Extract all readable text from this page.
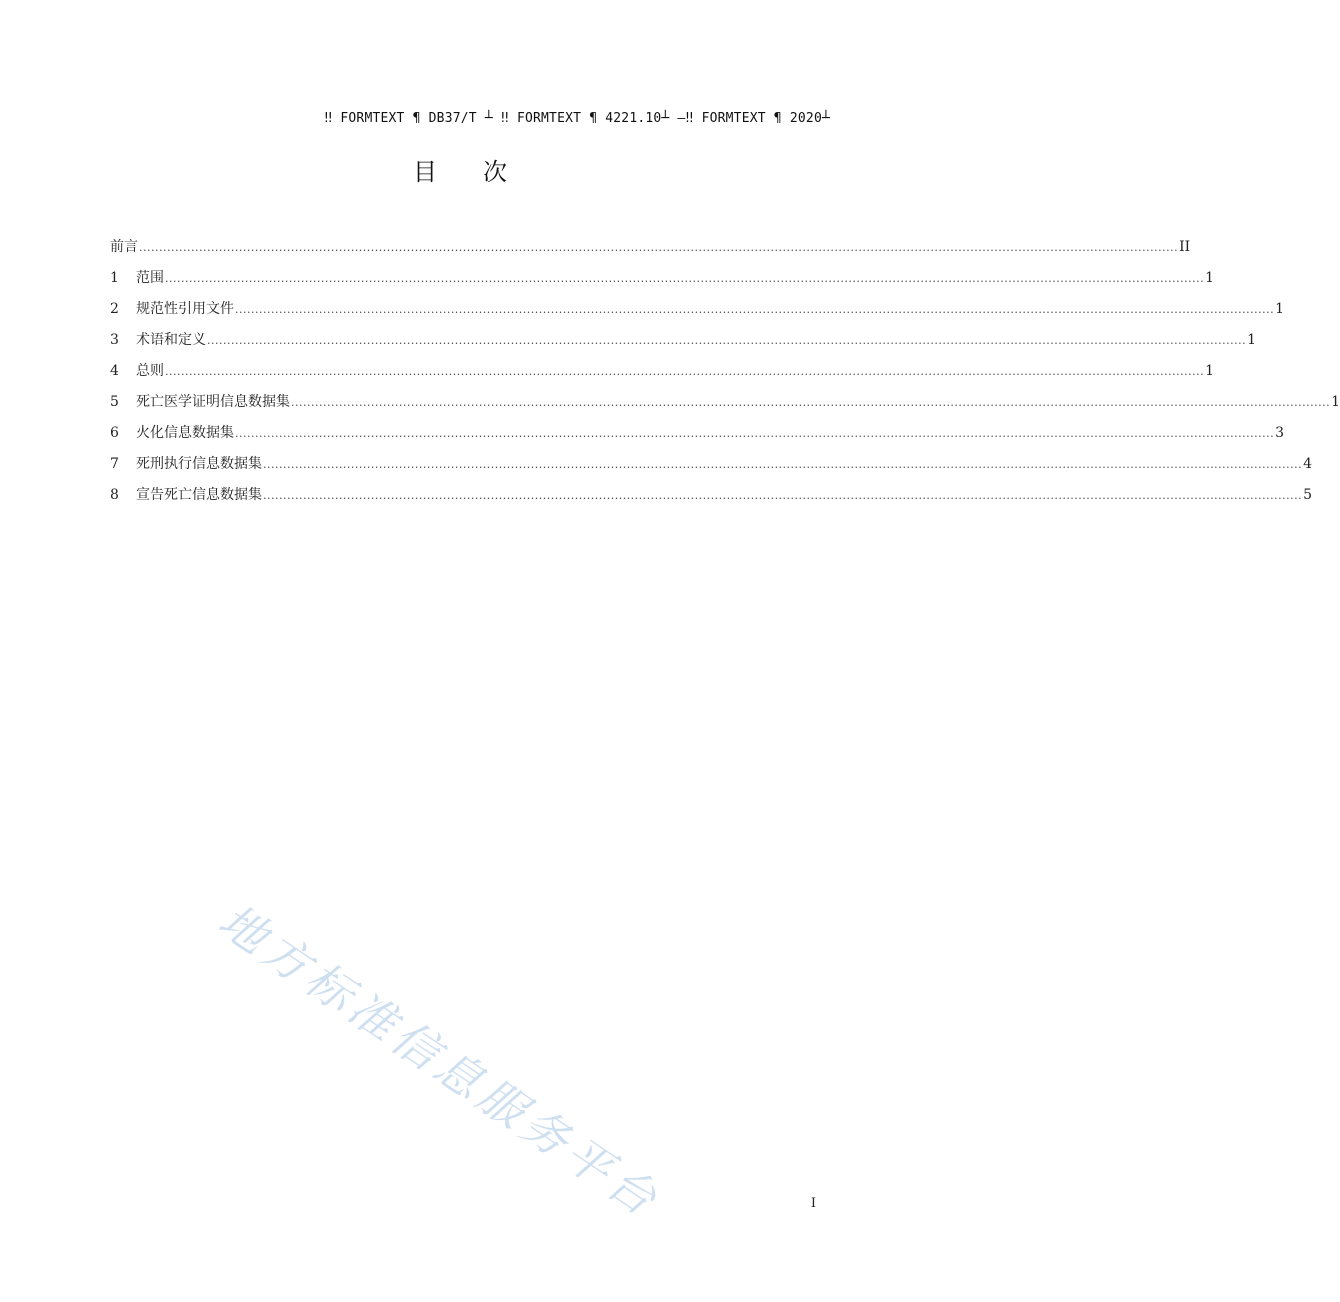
‼ FORMTEXT ¶ DB37/T ┴ ‼ FORMTEXT ¶ 4221.10┴ —‼ FORMTEXT ¶ 2020┴
目次
前言 .................................................................................................................................................................................................................................................................... II
1	范围 .................................................................................................................................................................................................................................................................... 1
2	规范性引用文件 .................................................................................................................................................................................................................................................................... 1
3	术语和定义 .................................................................................................................................................................................................................................................................... 1
4	总则 .................................................................................................................................................................................................................................................................... 1
5	死亡医学证明信息数据集 .................................................................................................................................................................................................................................................................... 1
6	火化信息数据集 .................................................................................................................................................................................................................................................................... 3
7	死刑执行信息数据集 .................................................................................................................................................................................................................................................................... 4
8	宣告死亡信息数据集 .................................................................................................................................................................................................................................................................... 5
地方标准信息服务平台	I
